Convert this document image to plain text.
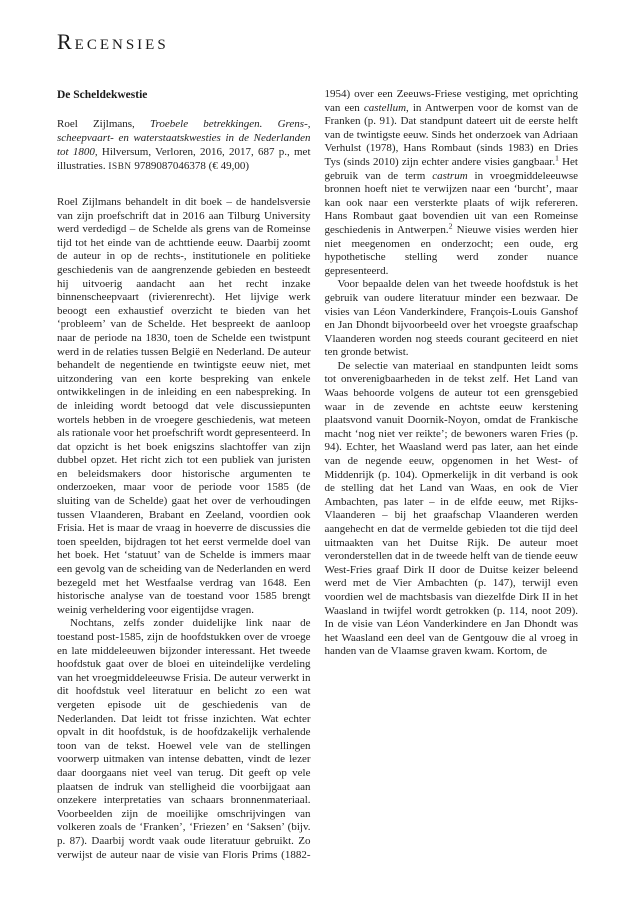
Recensies
De Scheldekwestie

Roel Zijlmans, Troebele betrekkingen. Grens-, scheepvaart- en waterstaatskwesties in de Nederlanden tot 1800, Hilversum, Verloren, 2016, 2017, 687 p., met illustraties. ISBN 9789087046378 (€ 49,00)

Roel Zijlmans behandelt in dit boek – de handelsversie van zijn proefschrift dat in 2016 aan Tilburg University werd verdedigd – de Schelde als grens van de Romeinse tijd tot het einde van de achttiende eeuw. Daarbij zoomt de auteur in op de rechts-, institutionele en politieke geschiedenis van de aangrenzende gebieden en besteedt hij uitvoerig aandacht aan het recht inzake binnenscheepvaart (rivierenrecht). Het lijvige werk beoogt een exhaustief overzicht te bieden van het ‘probleem’ van de Schelde. Het bespreekt de aanloop naar de periode na 1830, toen de Schelde een twistpunt werd in de relaties tussen België en Nederland. De auteur behandelt de negentiende en twintigste eeuw niet, met uitzondering van een korte bespreking van enkele ontwikkelingen in de inleiding en een nabespreking. In de inleiding wordt betoogd dat vele discussiepunten wortels hebben in de vroegere geschiedenis, wat meteen als rationale voor het proefschrift wordt gepresenteerd. In dat opzicht is het boek enigszins slachtoffer van zijn dubbel opzet. Het richt zich tot een publiek van juristen en beleidsmakers door historische argumenten te onderzoeken, maar voor de periode voor 1585 (de sluiting van de Schelde) gaat het over de verhoudingen tussen Vlaanderen, Brabant en Zeeland, voordien ook Frisia. Het is maar de vraag in hoeverre de discussies die toen speelden, bijdragen tot het eerst vermelde doel van het boek. Het ‘statuut’ van de Schelde is immers maar een gevolg van de scheiding van de Nederlanden en werd bezegeld met het Westfaalse verdrag van 1648. Een historische analyse van de toestand voor 1585 brengt weinig verheldering voor eigentijdse vragen.

Nochtans, zelfs zonder duidelijke link naar de toestand post-1585, zijn de hoofdstukken over de vroege en late middeleeuwen bijzonder interessant. Het tweede hoofdstuk gaat over de bloei en uiteindelijke verdeling van het vroegmiddeleeuwse Frisia. De auteur verwerkt in dit hoofdstuk veel literatuur en belicht zo een wat vergeten episode uit de geschiedenis van de Nederlanden. Dat leidt tot frisse inzichten. Wat echter opvalt in dit hoofdstuk, is de hoofdzakelijk verhalende toon van de tekst. Hoewel vele van de stellingen voorwerp uitmaken van intense debatten, vindt de lezer daar doorgaans niet veel van terug. Dit geeft op vele plaatsen de indruk van stelligheid die voorbijgaat aan onzekere interpretaties van schaars bronnenmateriaal. Voorbeelden zijn de moeilijke omschrijvingen van volkeren zoals de ‘Franken’, ‘Friezen’ en ‘Saksen’ (bijv. p. 87). Daarbij wordt vaak oude literatuur gebruikt. Zo verwijst de auteur naar de visie van Floris Prims (1882-1954) over een Zeeuws-Friese vestiging, met oprichting van een castellum, in Antwerpen voor de komst van de Franken (p. 91). Dat standpunt dateert uit de eerste helft van de twintigste eeuw. Sinds het onderzoek van Adriaan Verhulst (1978), Hans Rombaut (sinds 1983) en Dries Tys (sinds 2010) zijn echter andere visies gangbaar.$^1$ Het gebruik van de term castrum in vroegmiddeleeuwse bronnen hoeft niet te verwijzen naar een ‘burcht’, maar kan ook naar een versterkte plaats of wijk refereren. Hans Rombaut gaat bovendien uit van een Romeinse geschiedenis in Antwerpen.$^2$ Nieuwe visies werden hier niet meegenomen en onderzocht; een oude, erg hypothetische stelling werd zonder nuance gepresenteerd.

Voor bepaalde delen van het tweede hoofdstuk is het gebruik van oudere literatuur minder een bezwaar. De visies van Léon Vanderkindere, François-Louis Ganshof en Jan Dhondt bijvoorbeeld over het vroegste graafschap Vlaanderen worden nog steeds courant geciteerd en niet ten gronde betwist.

De selectie van materiaal en standpunten leidt soms tot onverenigbaarheden in de tekst zelf. Het Land van Waas behoorde volgens de auteur tot een grensgebied waar in de zevende en achtste eeuw kerstening plaatsvond vanuit Doornik-Noyon, omdat de Frankische macht ‘nog niet ver reikte’; de bewoners waren Fries (p. 94). Echter, het Waasland werd pas later, aan het einde van de negende eeuw, opgenomen in het West- of Middenrijk (p. 104). Opmerkelijk in dit verband is ook de stelling dat het Land van Waas, en ook de Vier Ambachten, pas later – in de elfde eeuw, met Rijks-Vlaanderen – bij het graafschap Vlaanderen werden aangehecht en dat de vermelde gebieden tot die tijd deel uitmaakten van het Duitse Rijk. De auteur moet veronderstellen dat in de tweede helft van de tiende eeuw West-Fries graaf Dirk II door de Duitse keizer beleend werd met de Vier Ambachten (p. 147), terwijl even voordien wel de machtsbasis van diezelfde Dirk II in het Waasland in twijfel wordt getrokken (p. 114, noot 209). In de visie van Léon Vanderkindere en Jan Dhondt was het Waasland een deel van de Gentgouw die al vroeg in handen van de Vlaamse graven kwam. Kortom, de
